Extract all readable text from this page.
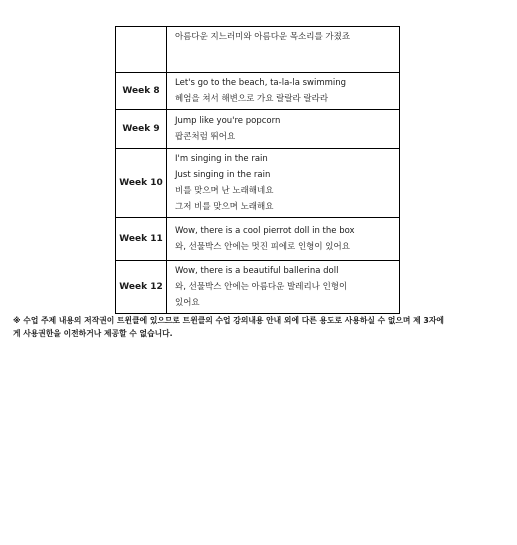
	아름다운 지느러미와 아름다운 목소리를 가졌죠

Week 8	Let's go to the beach, ta-la-la swimming
헤엄을 쳐서 해변으로 가요 랄랄라 랄라라

Week 9	Jump like you're popcorn
팝콘처럼 뛰어요

Week 10	I'm singing in the rain
Just singing in the rain
비를 맞으며 난 노래해네요
그저 비를 맞으며 노래해요

Week 11	Wow, there is a cool pierrot doll in the box
와, 선물박스 안에는 멋진 피에로 인형이 있어요

Week 12	Wow, there is a beautiful ballerina doll
와, 선물박스 안에는 아름다운 발레리나 인형이
있어요
※ 수업 주제 내용의 저작권이 트윈클에 있으므로 트윈클의 수업 강의내용 안내 외에 다른 용도로 사용하실 수 없으며 제 3자에
게 사용권한을 이전하거나 제공할 수 없습니다.
